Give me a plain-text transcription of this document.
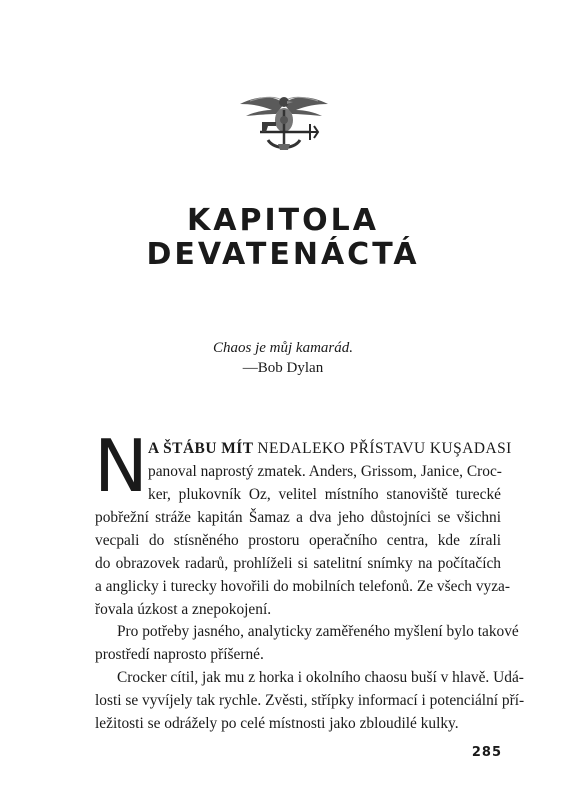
KAPITOLA
DEVATENÁCTÁ
Chaos je můj kamarád.
—Bob Dylan
N A ŠTÁBU MÍT NEDALEKO PŘÍSTAVU KUŞADASI
panoval naprostý zmatek. Anders, Grissom, Janice, Croc-
ker, plukovník Oz, velitel místního stanoviště turecké
pobřežní stráže kapitán Šamaz a dva jeho důstojníci se všichni
vecpali do stísněného prostoru operačního centra, kde zírali
do obrazovek radarů, prohlíželi si satelitní snímky na počítačích
a anglicky i turecky hovořili do mobilních telefonů. Ze všech vyza-
řovala úzkost a znepokojení.
Pro potřeby jasného, analyticky zaměřeného myšlení bylo takové
prostředí naprosto příšerné.
Crocker cítil, jak mu z horka i okolního chaosu buší v hlavě. Udá-
losti se vyvíjely tak rychle. Zvěsti, střípky informací i potenciální pří-
ležitosti se odrážely po celé místnosti jako zbloudilé kulky.
285
